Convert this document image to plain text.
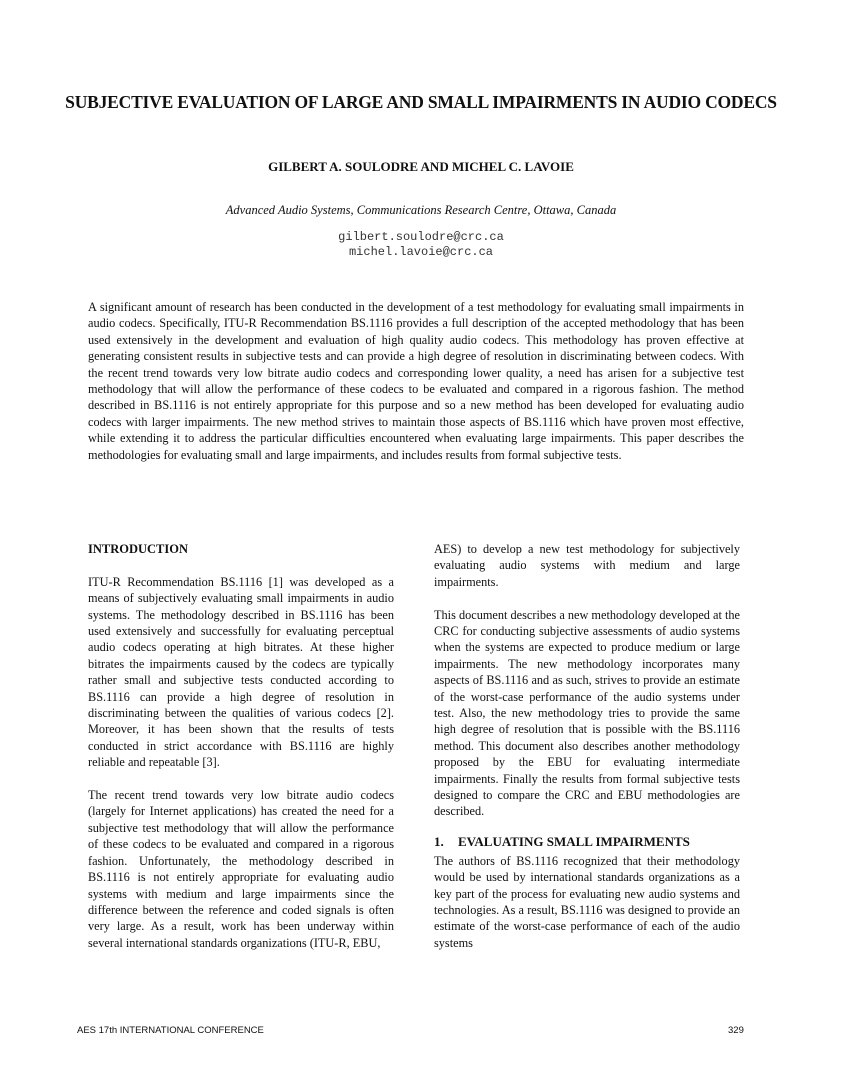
SUBJECTIVE EVALUATION OF LARGE AND SMALL IMPAIRMENTS IN AUDIO CODECS
GILBERT A. SOULODRE AND MICHEL C. LAVOIE
Advanced Audio Systems, Communications Research Centre, Ottawa, Canada
gilbert.soulodre@crc.ca
michel.lavoie@crc.ca
A significant amount of research has been conducted in the development of a test methodology for evaluating small impairments in audio codecs. Specifically, ITU-R Recommendation BS.1116 provides a full description of the accepted methodology that has been used extensively in the development and evaluation of high quality audio codecs. This methodology has proven effective at generating consistent results in subjective tests and can provide a high degree of resolution in discriminating between codecs. With the recent trend towards very low bitrate audio codecs and corresponding lower quality, a need has arisen for a subjective test methodology that will allow the performance of these codecs to be evaluated and compared in a rigorous fashion. The method described in BS.1116 is not entirely appropriate for this purpose and so a new method has been developed for evaluating audio codecs with larger impairments. The new method strives to maintain those aspects of BS.1116 which have proven most effective, while extending it to address the particular difficulties encountered when evaluating large impairments. This paper describes the methodologies for evaluating small and large impairments, and includes results from formal subjective tests.

INTRODUCTION

ITU-R Recommendation BS.1116 [1] was developed as a means of subjectively evaluating small impairments in audio systems. The methodology described in BS.1116 has been used extensively and successfully for evaluating perceptual audio codecs operating at high bitrates. At these higher bitrates the impairments caused by the codecs are typically rather small and subjective tests conducted according to BS.1116 can provide a high degree of resolution in discriminating between the qualities of various codecs [2]. Moreover, it has been shown that the results of tests conducted in strict accordance with BS.1116 are highly reliable and repeatable [3].

The recent trend towards very low bitrate audio codecs (largely for Internet applications) has created the need for a subjective test methodology that will allow the performance of these codecs to be evaluated and compared in a rigorous fashion. Unfortunately, the methodology described in BS.1116 is not entirely appropriate for evaluating audio systems with medium and large impairments since the difference between the reference and coded signals is often very large. As a result, work has been underway within several international standards organizations (ITU-R, EBU,

AES) to develop a new test methodology for subjectively evaluating audio systems with medium and large impairments.

This document describes a new methodology developed at the CRC for conducting subjective assessments of audio systems when the systems are expected to produce medium or large impairments. The new methodology incorporates many aspects of BS.1116 and as such, strives to provide an estimate of the worst-case performance of the audio systems under test. Also, the new methodology tries to provide the same high degree of resolution that is possible with the BS.1116 method. This document also describes another methodology proposed by the EBU for evaluating intermediate impairments. Finally the results from formal subjective tests designed to compare the CRC and EBU methodologies are described.

1. EVALUATING SMALL IMPAIRMENTS

The authors of BS.1116 recognized that their methodology would be used by international standards organizations as a key part of the process for evaluating new audio systems and technologies. As a result, BS.1116 was designed to provide an estimate of the worst-case performance of each of the audio systems

AES 17th INTERNATIONAL CONFERENCE	329
